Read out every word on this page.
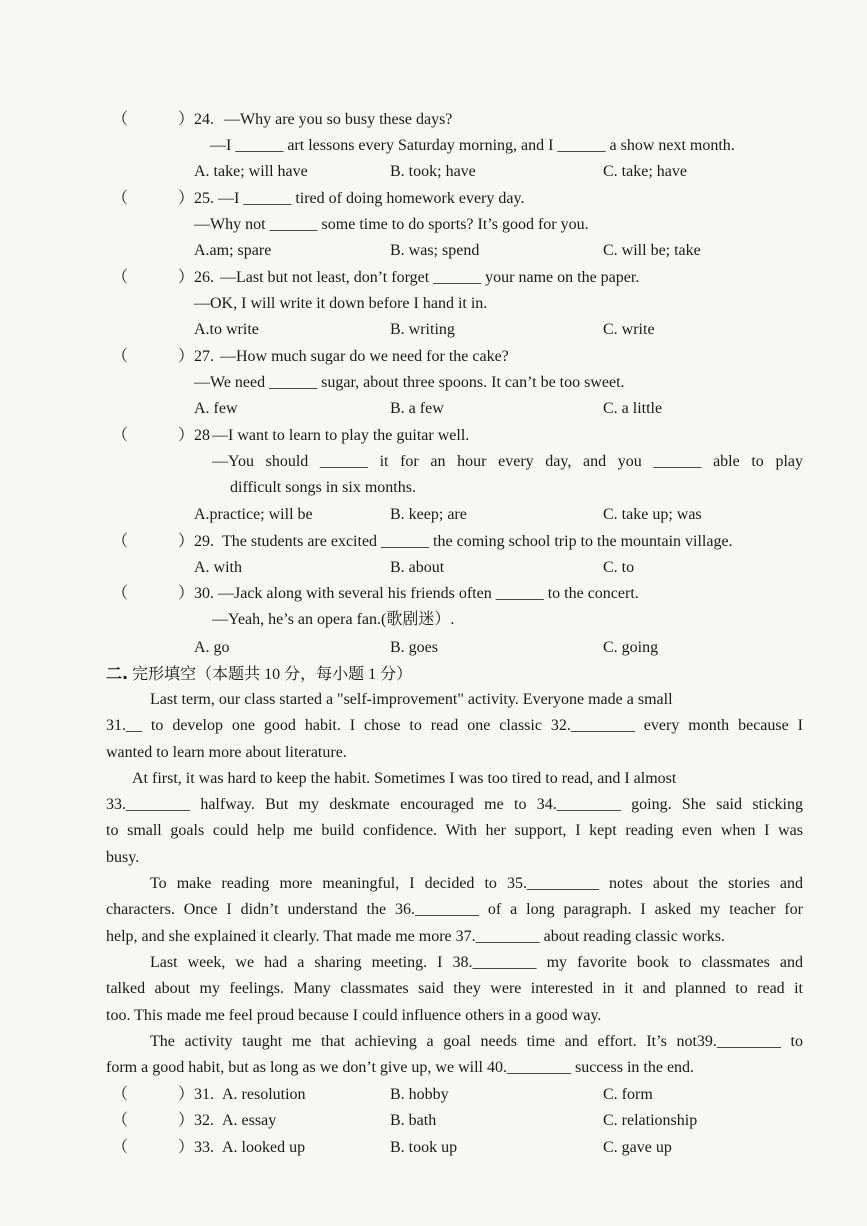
（	） 24. —Why are you so busy these days?
—I ______ art lessons every Saturday morning, and I ______ a show next month.
A. take; will have	B. took; have	C. take; have
（	） 25. —I ______ tired of doing homework every day.
—Why not ______ some time to do sports? It’s good for you.
A.am; spare	B. was; spend	C. will be; take
（	） 26. —Last but not least, don’t forget ______ your name on the paper.
—OK, I will write it down before I hand it in.
A.to write	B. writing	C. write
（	） 27. —How much sugar do we need for the cake?
—We need ______ sugar, about three spoons. It can’t be too sweet.
A. few	B. a few	C. a little
（	） 28 —I want to learn to play the guitar well.
—You should ______ it for an hour every day, and you ______ able to play
difficult songs in six months.
A.practice; will be	B. keep; are	C. take up; was
（	） 29. The students are excited ______ the coming school trip to the mountain village.
A. with	B. about	C. to
（	） 30. —Jack along with several his friends often ______ to the concert.
—Yeah, he’s an opera fan.(歌剧迷）.
A. go	B. goes	C. going
二. 完形填空（本题共 10 分，每小题 1 分）
Last term, our class started a "self-improvement" activity. Everyone made a small
31.__ to develop one good habit. I chose to read one classic 32.________ every month because I
wanted to learn more about literature.
At first, it was hard to keep the habit. Sometimes I was too tired to read, and I almost
33.________ halfway. But my deskmate encouraged me to 34.________ going. She said sticking
to small goals could help me build confidence. With her support, I kept reading even when I was
busy.
To make reading more meaningful, I decided to 35._________ notes about the stories and
characters. Once I didn’t understand the 36.________ of a long paragraph. I asked my teacher for
help, and she explained it clearly. That made me more 37.________ about reading classic works.
Last week, we had a sharing meeting. I 38.________ my favorite book to classmates and
talked about my feelings. Many classmates said they were interested in it and planned to read it
too. This made me feel proud because I could influence others in a good way.
The activity taught me that achieving a goal needs time and effort. It’s not39.________ to
form a good habit, but as long as we don’t give up, we will 40.________ success in the end.
（	） 31. A. resolution	B. hobby	C. form
（	） 32. A. essay	B. bath	C. relationship
（	） 33. A. looked up	B. took up	C. gave up
